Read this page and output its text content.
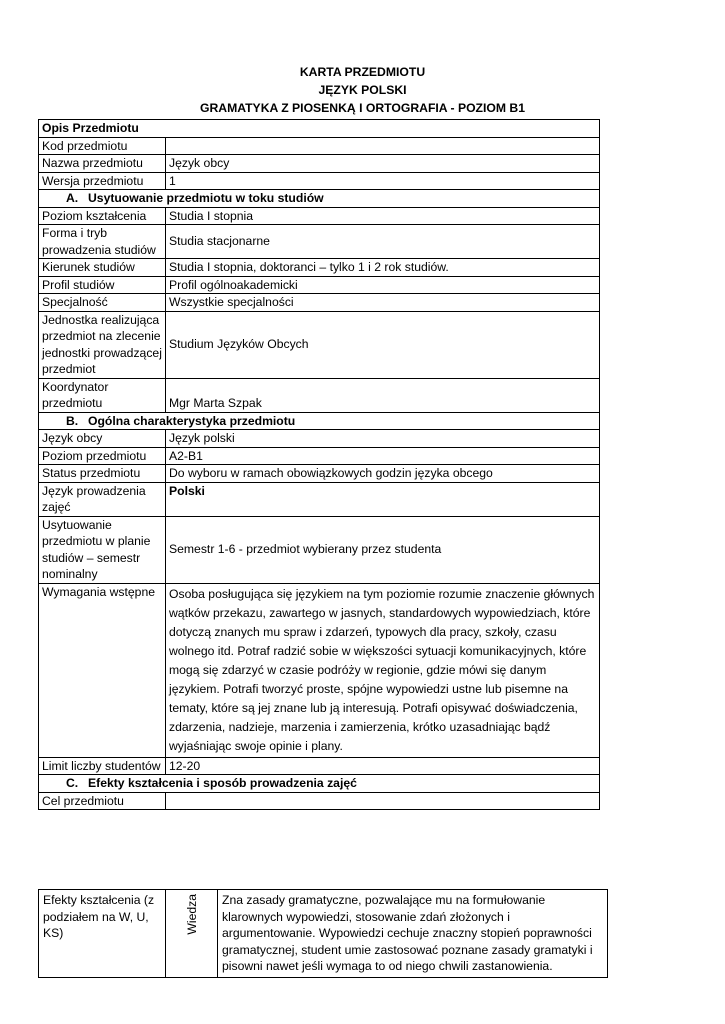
KARTA PRZEDMIOTU
JĘZYK POLSKI
GRAMATYKA Z PIOSENKĄ I ORTOGRAFIA - POZIOM B1
Opis Przedmiotu	
Kod przedmiotu	
Nazwa przedmiotu	Język obcy
Wersja przedmiotu	1
A. Usytuowanie przedmiotu w toku studiów	
Poziom kształcenia	Studia I stopnia
Forma i tryb prowadzenia studiów	Studia stacjonarne
Kierunek studiów	Studia I stopnia, doktoranci – tylko 1 i 2 rok studiów.
Profil studiów	Profil ogólnoakademicki
Specjalność	Wszystkie specjalności
Jednostka realizująca przedmiot na zlecenie jednostki prowadzącej przedmiot	Studium Języków Obcych
Koordynator przedmiotu	Mgr Marta Szpak
B. Ogólna charakterystyka przedmiotu	
Język obcy	Język polski
Poziom przedmiotu	A2-B1
Status przedmiotu	Do wyboru w ramach obowiązkowych godzin języka obcego
Język prowadzenia zajęć	Polski
Usytuowanie przedmiotu w planie studiów – semestr nominalny	Semestr 1-6 - przedmiot wybierany przez studenta
Wymagania wstępne	Osoba posługująca się językiem na tym poziomie rozumie znaczenie głównych wątków przekazu, zawartego w jasnych, standardowych wypowiedziach, które dotyczą znanych mu spraw i zdarzeń, typowych dla pracy, szkoły, czasu wolnego itd. Potraf radzić sobie w większości sytuacji komunikacyjnych, które mogą się zdarzyć w czasie podróży w regionie, gdzie mówi się danym językiem. Potrafi tworzyć proste, spójne wypowiedzi ustne lub pisemne na tematy, które są jej znane lub ją interesują. Potrafi opisywać doświadczenia, zdarzenia, nadzieje, marzenia i zamierzenia, krótko uzasadniając bądź wyjaśniając swoje opinie i plany.
Limit liczby studentów	12-20
C. Efekty kształcenia i sposób prowadzenia zajęć	
Cel przedmiotu	
Efekty kształcenia (z podziałem na W, U, KS)	Wiedza	Zna zasady gramatyczne, pozwalające mu na formułowanie klarownych wypowiedzi, stosowanie zdań złożonych i argumentowanie. Wypowiedzi cechuje znaczny stopień poprawności gramatycznej, student umie zastosować poznane zasady gramatyki i pisowni nawet jeśli wymaga to od niego chwili zastanowienia.
